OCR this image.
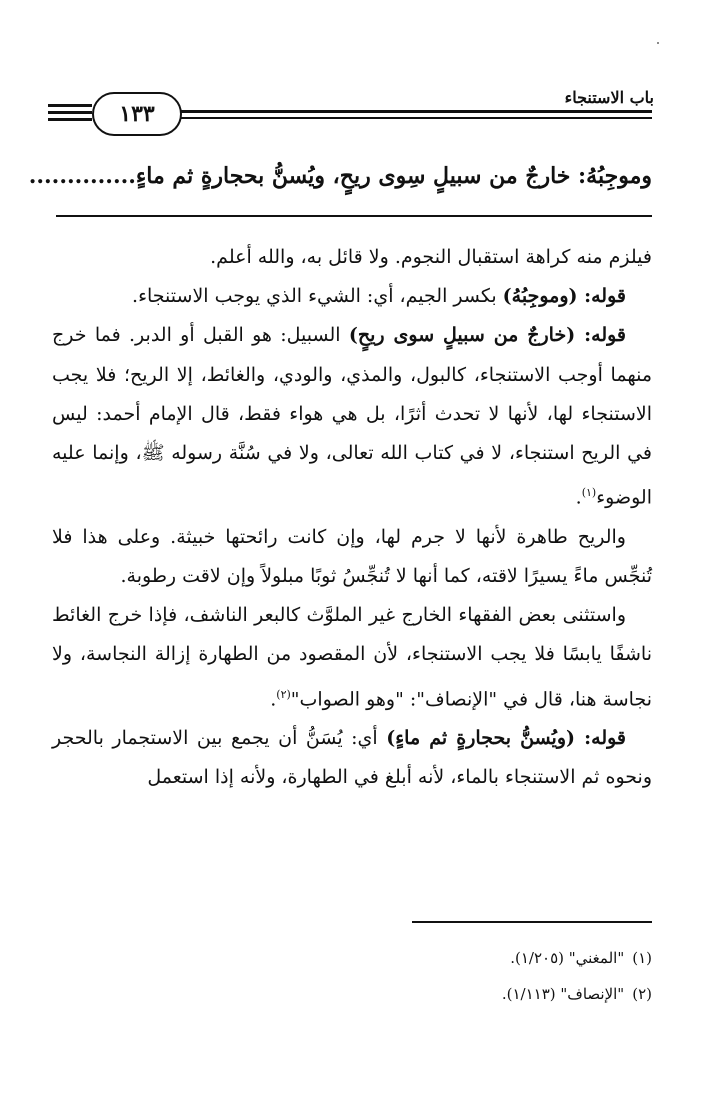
باب الاستنجاء
١٣٣
وموجِبُهُ: خارجٌ من سبيلٍ سِوى ريحٍ، ويُسنُّ بحجارةٍ ثم ماءٍ..............

فيلزم منه كراهة استقبال النجوم. ولا قائل به، والله أعلم.

قوله: (وموجِبُهُ) بكسر الجيم، أي: الشيء الذي يوجب الاستنجاء.

قوله: (خارجٌ من سبيلٍ سوى ريحٍ) السبيل: هو القبل أو الدبر. فما خرج منهما أوجب الاستنجاء، كالبول، والمذي، والودي، والغائط، إلا الريح؛ فلا يجب الاستنجاء لها، لأنها لا تحدث أثرًا، بل هي هواء فقط، قال الإمام أحمد: ليس في الريح استنجاء، لا في كتاب الله تعالى، ولا في سُنَّة رسوله ﷺ، وإنما عليه الوضوء$^{(١)}$.

والريح طاهرة لأنها لا جرم لها، وإن كانت رائحتها خبيثة. وعلى هذا فلا تُنجِّس ماءً يسيرًا لاقته، كما أنها لا تُنجِّسُ ثوبًا مبلولاً وإن لاقت رطوبة.

واستثنى بعض الفقهاء الخارج غير الملوَّث كالبعر الناشف، فإذا خرج الغائط ناشفًا يابسًا فلا يجب الاستنجاء، لأن المقصود من الطهارة إزالة النجاسة، ولا نجاسة هنا، قال في "الإنصاف": "وهو الصواب"$^{(٢)}$.

قوله: (ويُسنُّ بحجارةٍ ثم ماءٍ) أي: يُسَنُّ أن يجمع بين الاستجمار بالحجر ونحوه ثم الاستنجاء بالماء، لأنه أبلغ في الطهارة، ولأنه إذا استعمل

(١)"المغني" (١/٢٠٥).
(٢)"الإنصاف" (١/١١٣).
